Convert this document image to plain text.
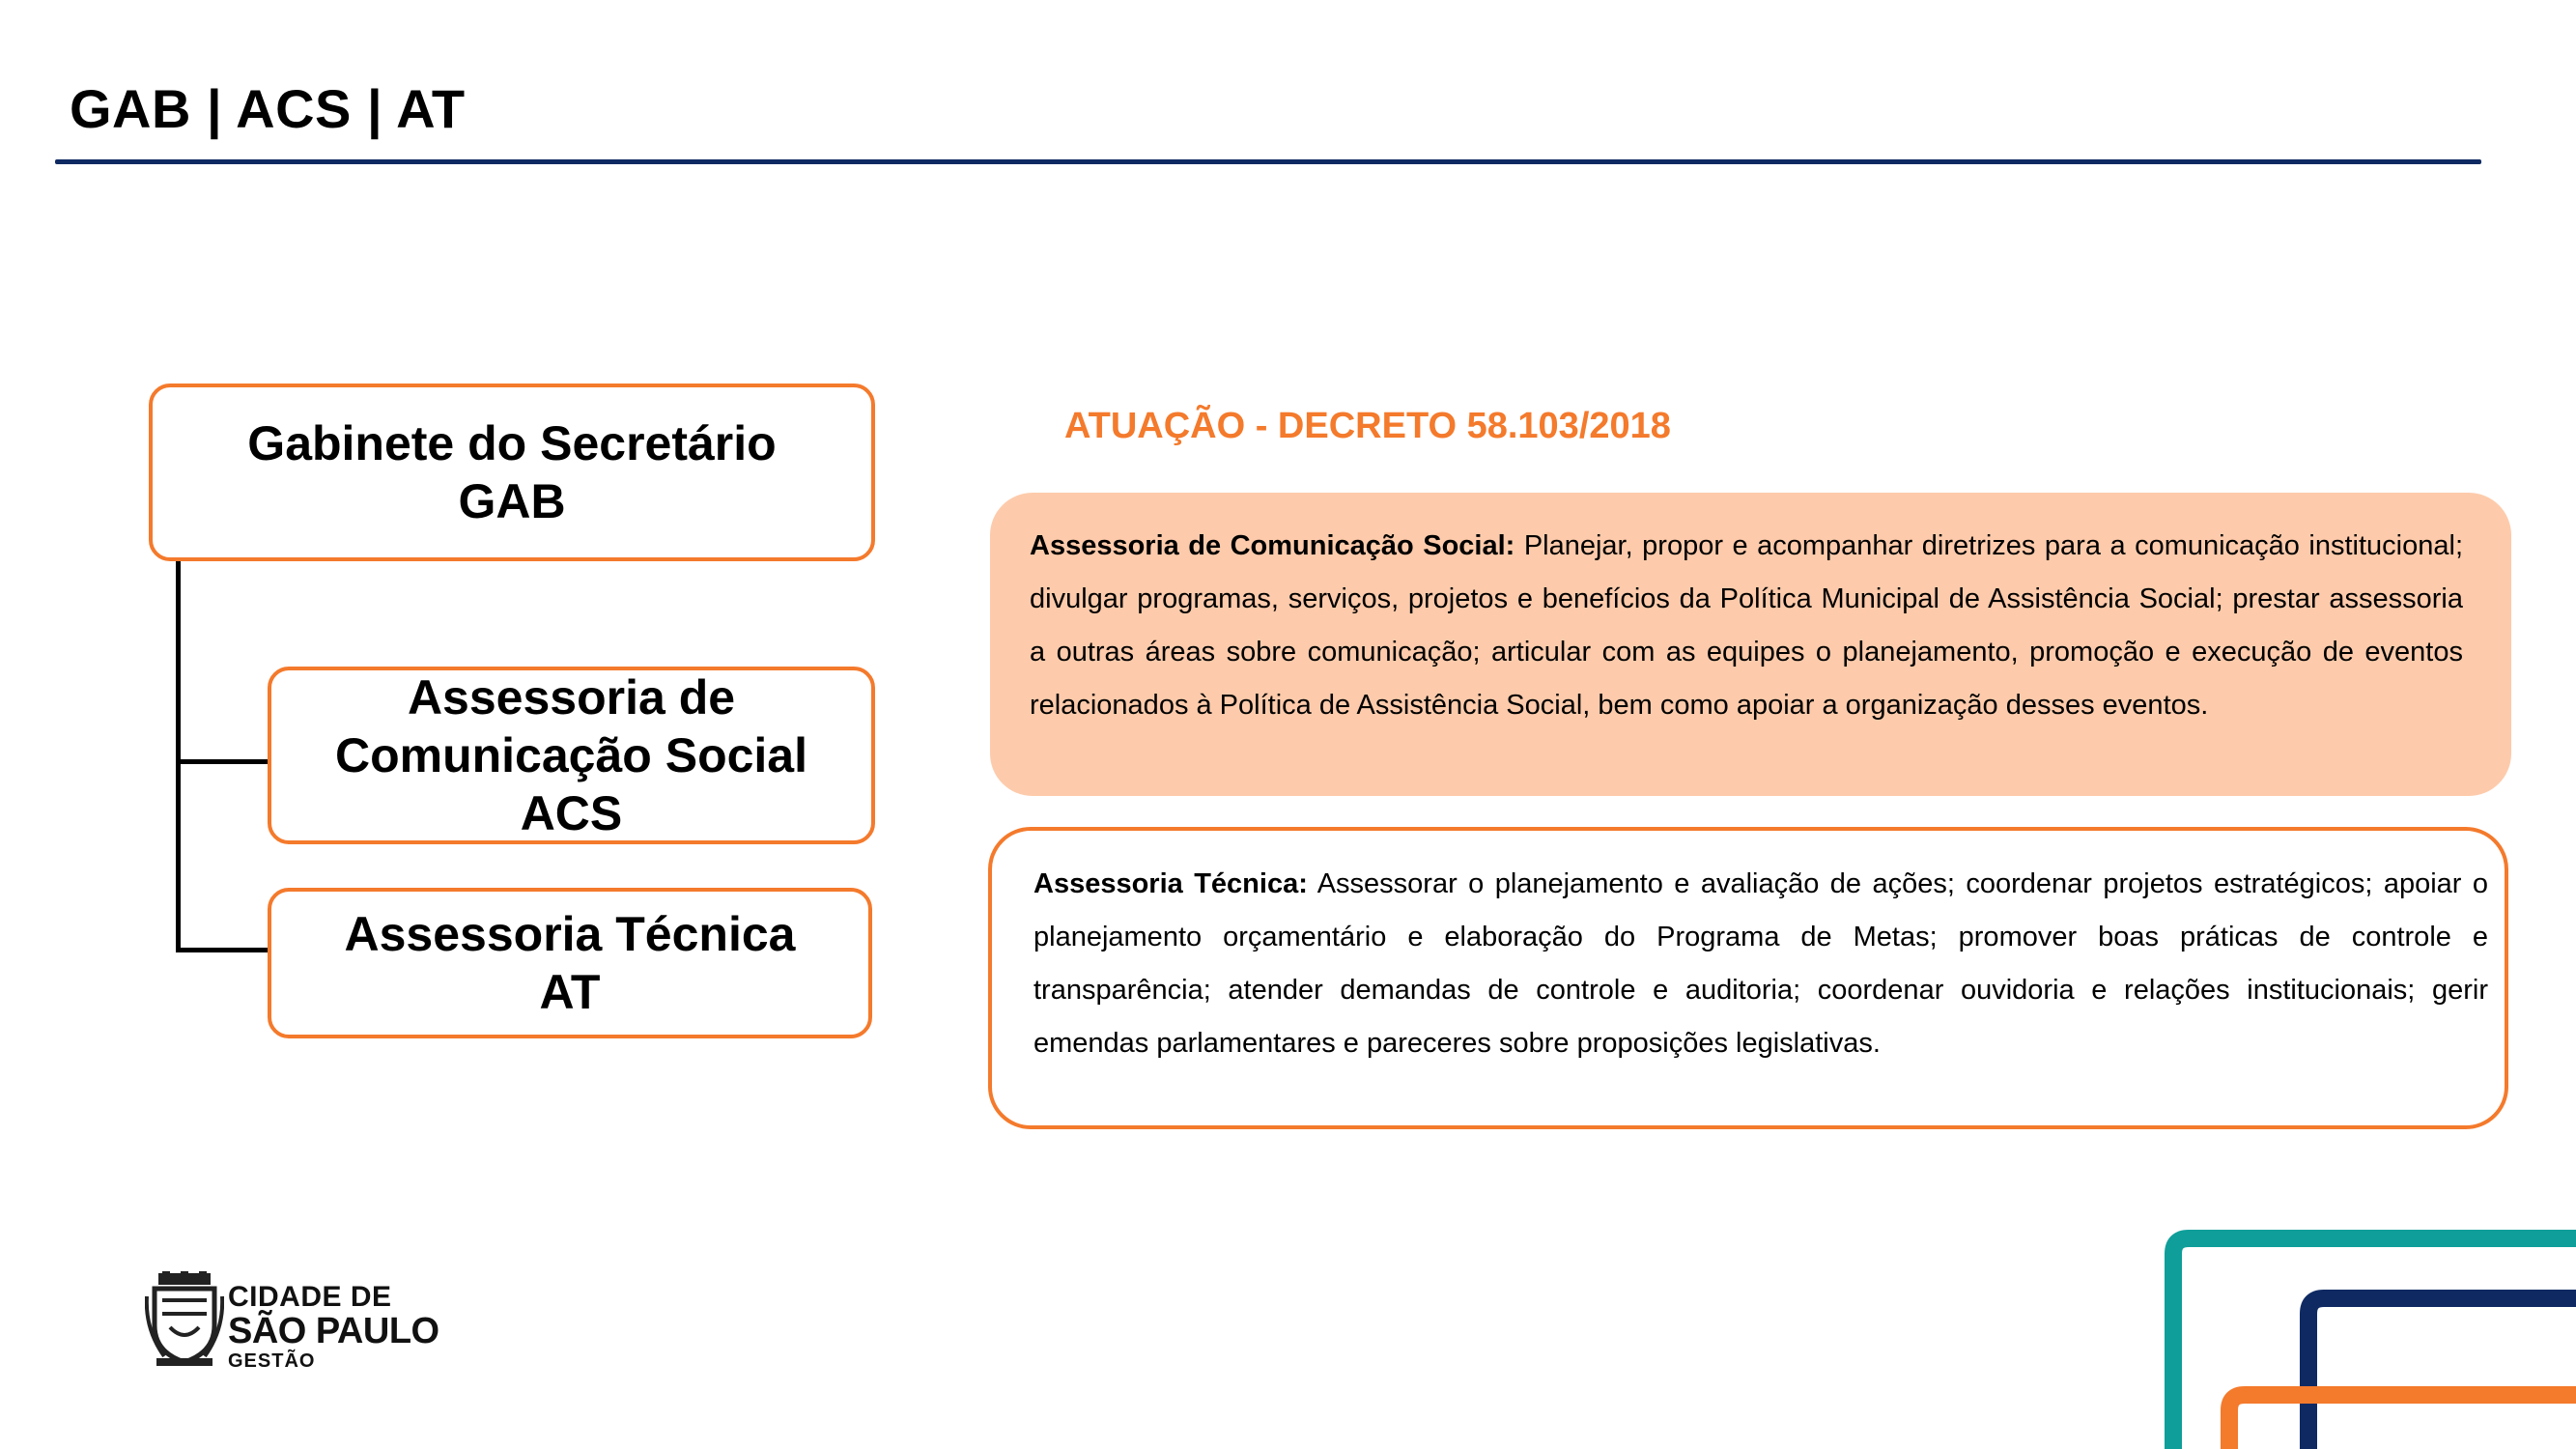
GAB | ACS | AT
Gabinete do Secretário
GAB
Assessoria de
Comunicação Social
ACS
Assessoria Técnica
AT
ATUAÇÃO - DECRETO 58.103/2018
Assessoria de Comunicação Social: Planejar, propor e acompanhar diretrizes para a comunicação institucional; divulgar programas, serviços, projetos e benefícios da Política Municipal de Assistência Social; prestar assessoria a outras áreas sobre comunicação; articular com as equipes o planejamento, promoção e execução de eventos relacionados à Política de Assistência Social, bem como apoiar a organização desses eventos.
Assessoria Técnica: Assessorar o planejamento e avaliação de ações; coordenar projetos estratégicos; apoiar o planejamento orçamentário e elaboração do Programa de Metas; promover boas práticas de controle e transparência; atender demandas de controle e auditoria; coordenar ouvidoria e relações institucionais; gerir emendas parlamentares e pareceres sobre proposições legislativas.
CIDADE DE
SÃO PAULO
GESTÃO
